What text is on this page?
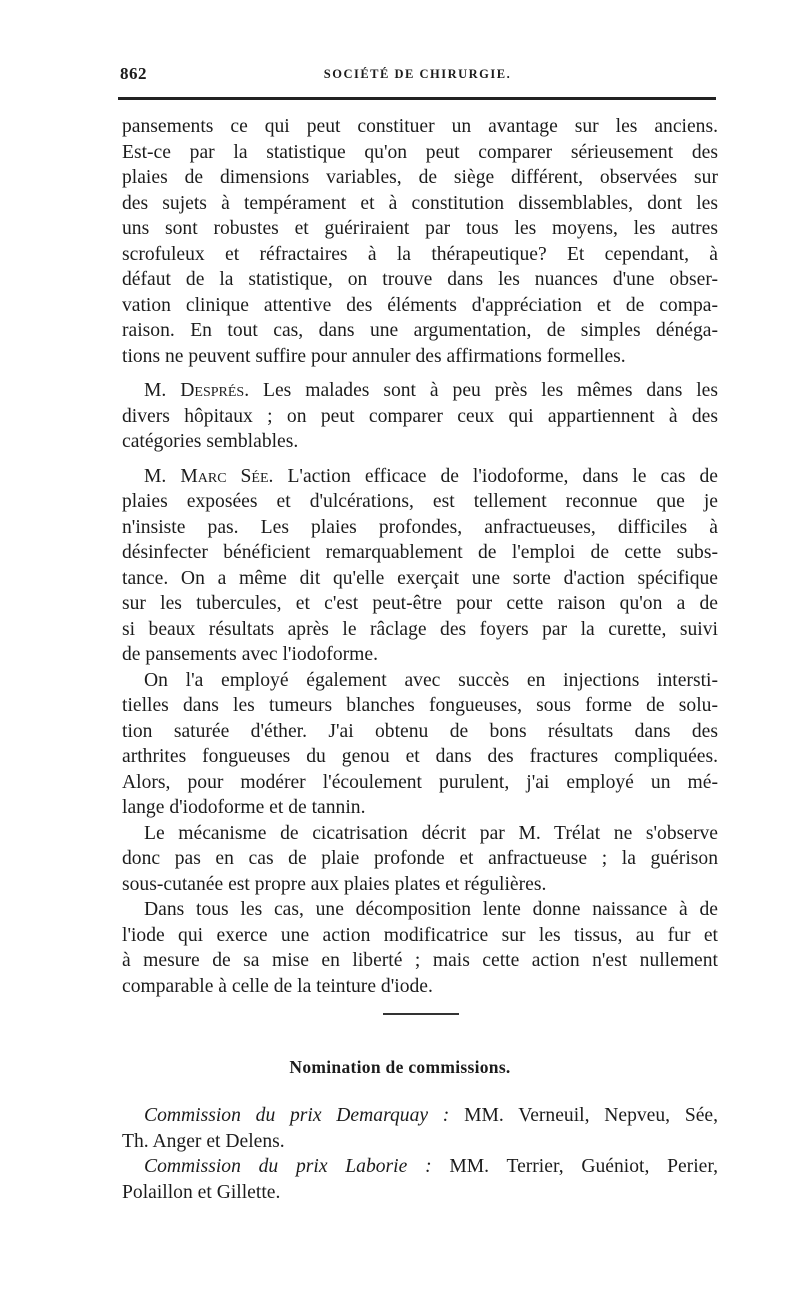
862	SOCIÉTÉ DE CHIRURGIE.

pansements ce qui peut constituer un avantage sur les anciens.
Est-ce par la statistique qu'on peut comparer sérieusement des
plaies de dimensions variables, de siège différent, observées sur
des sujets à tempérament et à constitution dissemblables, dont les
uns sont robustes et guériraient par tous les moyens, les autres
scrofuleux et réfractaires à la thérapeutique? Et cependant, à
défaut de la statistique, on trouve dans les nuances d'une obser-
vation clinique attentive des éléments d'appréciation et de compa-
raison. En tout cas, dans une argumentation, de simples dénéga-
tions ne peuvent suffire pour annuler des affirmations formelles.

M. Després. Les malades sont à peu près les mêmes dans les
divers hôpitaux ; on peut comparer ceux qui appartiennent à des
catégories semblables.

M. Marc Sée. L'action efficace de l'iodoforme, dans le cas de
plaies exposées et d'ulcérations, est tellement reconnue que je
n'insiste pas. Les plaies profondes, anfractueuses, difficiles à
désinfecter bénéficient remarquablement de l'emploi de cette subs-
tance. On a même dit qu'elle exerçait une sorte d'action spécifique
sur les tubercules, et c'est peut-être pour cette raison qu'on a de
si beaux résultats après le râclage des foyers par la curette, suivi
de pansements avec l'iodoforme.

On l'a employé également avec succès en injections intersti-
tielles dans les tumeurs blanches fongueuses, sous forme de solu-
tion saturée d'éther. J'ai obtenu de bons résultats dans des
arthrites fongueuses du genou et dans des fractures compliquées.
Alors, pour modérer l'écoulement purulent, j'ai employé un mé-
lange d'iodoforme et de tannin.

Le mécanisme de cicatrisation décrit par M. Trélat ne s'observe
donc pas en cas de plaie profonde et anfractueuse ; la guérison
sous-cutanée est propre aux plaies plates et régulières.

Dans tous les cas, une décomposition lente donne naissance à de
l'iode qui exerce une action modificatrice sur les tissus, au fur et
à mesure de sa mise en liberté ; mais cette action n'est nullement
comparable à celle de la teinture d'iode.

Nomination de commissions.

Commission du prix Demarquay : MM. Verneuil, Nepveu, Sée,
Th. Anger et Delens.

Commission du prix Laborie : MM. Terrier, Guéniot, Perier,
Polaillon et Gillette.
